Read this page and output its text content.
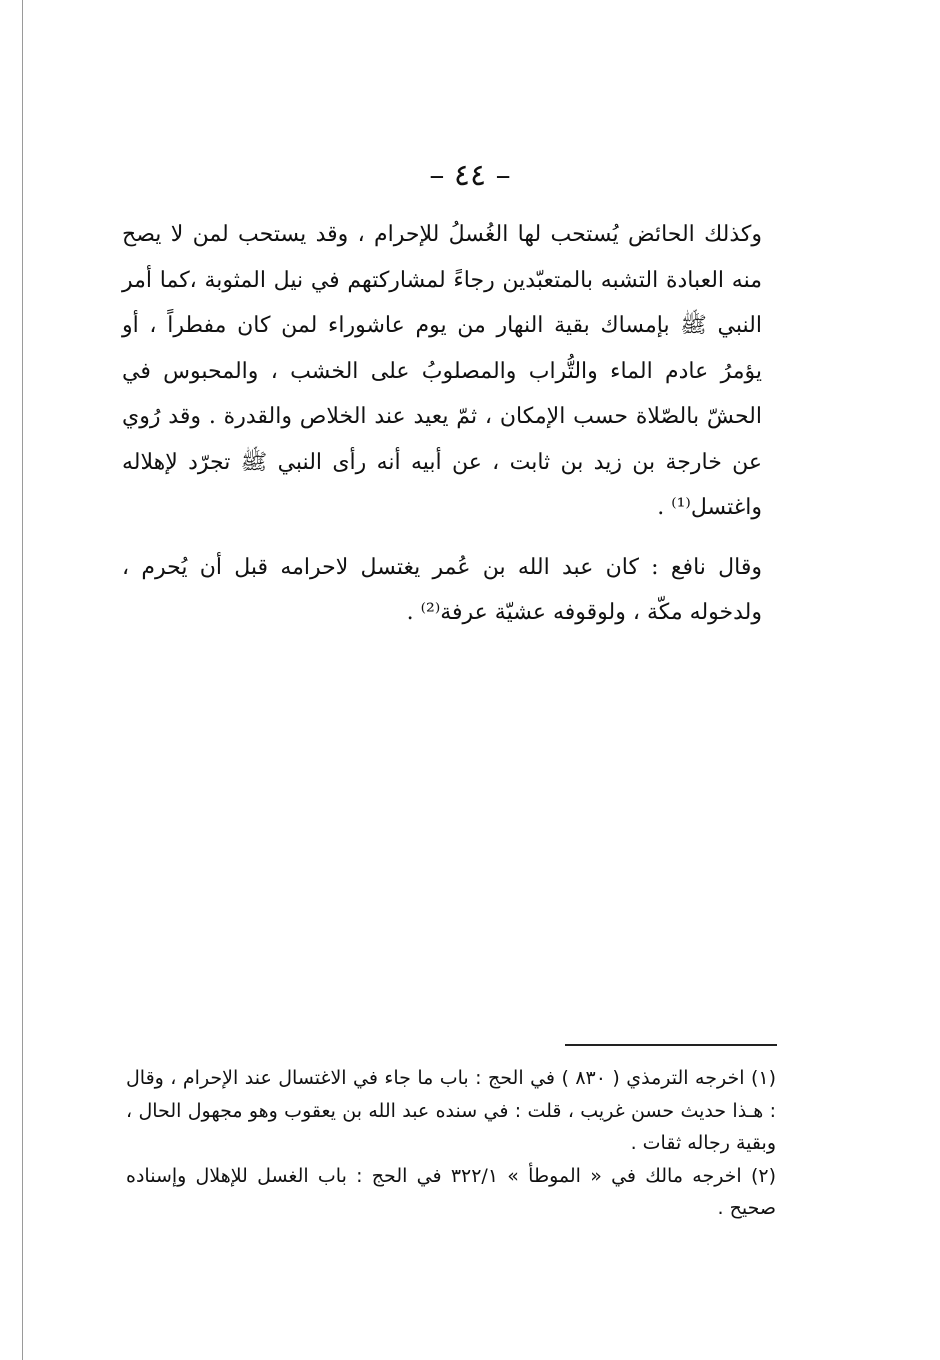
– ٤٤ –

وكذلك الحائض يُستحب لها الغُسلُ للإحرام ، وقد يستحب لمن لا يصح منه العبادة التشبه بالمتعبّدين رجاءً لمشاركتهم في نيل المثوبة ،كما أمر النبي ﷺ بإمساك بقية النهار من يوم عاشوراء لمن كان مفطراً ، أو يؤمرُ عادم الماء والتُّراب والمصلوبُ على الخشب ، والمحبوس في الحشّ بالصّلاة حسب الإمكان ، ثمّ يعيد عند الخلاص والقدرة . وقد رُوي عن خارجة بن زيد بن ثابت ، عن أبيه أنه رأى النبي ﷺ تجرّد لإهلاله واغتسل⁽¹⁾ .

وقال نافع : كان عبد الله بن عُمر يغتسل لاحرامه قبل أن يُحرم ، ولدخوله مكّة ، ولوقوفه عشيّة عرفة⁽²⁾ .

(١) اخرجه الترمذي ( ٨٣٠ ) في الحج : باب ما جاء في الاغتسال عند الإحرام ، وقال : هـذا حديث حسن غريب ، قلت : في سنده عبد الله بن يعقوب وهو مجهول الحال ، وبقية رجاله ثقات .

(٢) اخرجه مالك في « الموطأ » ٣٢٢/١ في الحج : باب الغسل للإهلال وإسناده صحيح .
